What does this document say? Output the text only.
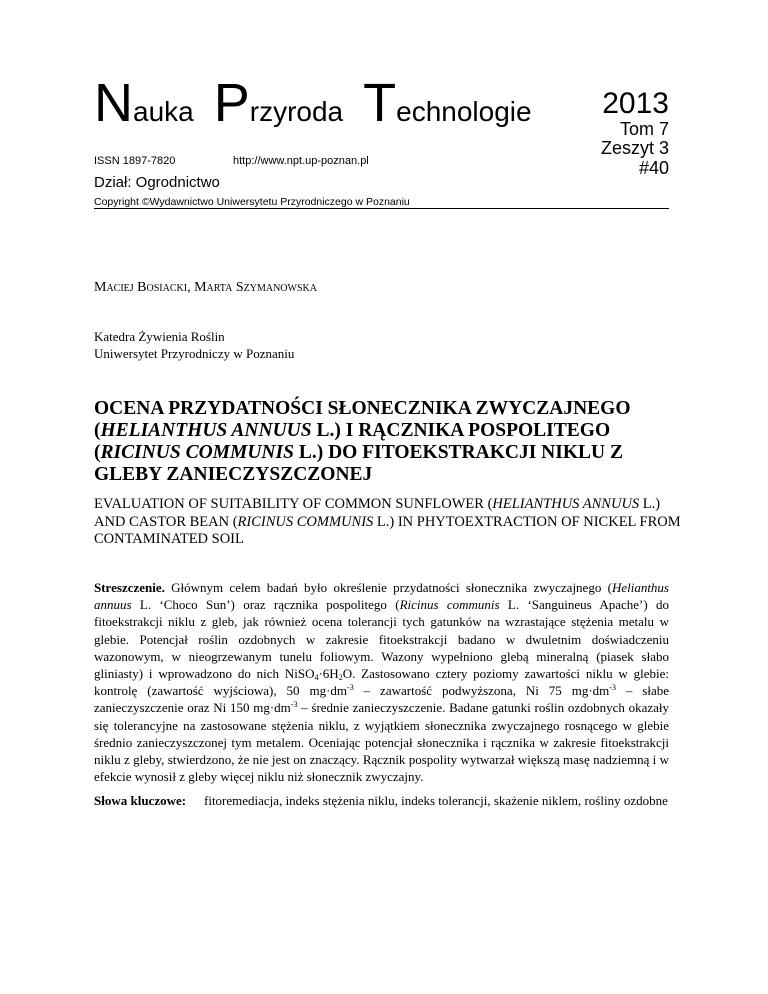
Nauka Przyroda Technologie 2013
Tom 7
Zeszyt 3
#40
ISSN 1897-7820	http://www.npt.up-poznan.pl
Dział: Ogrodnictwo
Copyright ©Wydawnictwo Uniwersytetu Przyrodniczego w Poznaniu
Maciej Bosiacki, Marta Szymanowska
Katedra Żywienia Roślin
Uniwersytet Przyrodniczy w Poznaniu
OCENA PRZYDATNOŚCI SŁONECZNIKA ZWYCZAJNEGO (HELIANTHUS ANNUUS L.) I RĄCZNIKA POSPOLITEGO (RICINUS COMMUNIS L.) DO FITOEKSTRAKCJI NIKLU Z GLEBY ZANIECZYSZCZONEJ
EVALUATION OF SUITABILITY OF COMMON SUNFLOWER (HELIANTHUS ANNUUS L.) AND CASTOR BEAN (RICINUS COMMUNIS L.) IN PHYTOEXTRACTION OF NICKEL FROM CONTAMINATED SOIL

Streszczenie. Głównym celem badań było określenie przydatności słonecznika zwyczajnego (Helianthus annuus L. ‘Choco Sun’) oraz rącznika pospolitego (Ricinus communis L. ‘Sanguineus Apache’) do fitoekstrakcji niklu z gleb, jak również ocena tolerancji tych gatunków na wzrastające stężenia metalu w glebie. Potencjał roślin ozdobnych w zakresie fitoekstrakcji badano w dwuletnim doświadczeniu wazonowym, w nieogrzewanym tunelu foliowym. Wazony wypełniono glebą mineralną (piasek słabo gliniasty) i wprowadzono do nich $NiSO_4\cdot 6H_2O$. Zastosowano cztery poziomy zawartości niklu w glebie: kontrolę (zawartość wyjściowa), 50 $mg\cdot dm^{-3}$ – zawartość podwyższona, Ni 75 $mg\cdot dm^{-3}$ – słabe zanieczyszczenie oraz Ni 150 $mg\cdot dm^{-3}$ – średnie zanieczyszczenie. Badane gatunki roślin ozdobnych okazały się tolerancyjne na zastosowane stężenia niklu, z wyjątkiem słonecznika zwyczajnego rosnącego w glebie średnio zanieczyszczonej tym metalem. Oceniając potencjał słonecznika i rącznika w zakresie fitoekstrakcji niklu z gleby, stwierdzono, że nie jest on znaczący. Rącznik pospolity wytwarzał większą masę nadziemną i w efekcie wynosił z gleby więcej niklu niż słonecznik zwyczajny.

Słowa kluczowe:	fitoremediacja, indeks stężenia niklu, indeks tolerancji, skażenie niklem, rośliny ozdobne
